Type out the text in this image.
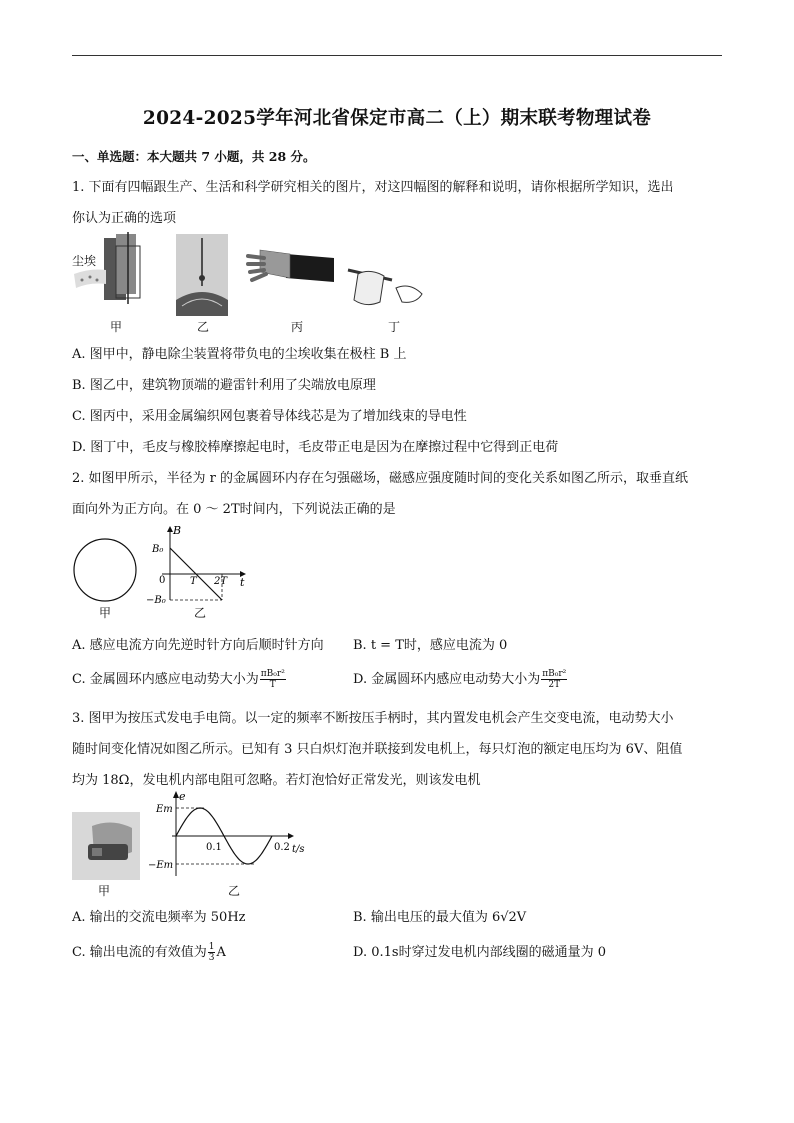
2024-2025学年河北省保定市高二（上）期末联考物理试卷
一、单选题：本大题共 7 小题，共 28 分。
1. 下面有四幅跟生产、生活和科学研究相关的图片，对这四幅图的解释和说明，请你根据所学知识，选出
你认为正确的选项
尘埃
甲	乙	丙	丁
A. 图甲中，静电除尘装置将带负电的尘埃收集在极柱 B 上
B. 图乙中，建筑物顶端的避雷针利用了尖端放电原理
C. 图丙中，采用金属编织网包裹着导体线芯是为了增加线束的导电性
D. 图丁中，毛皮与橡胶棒摩擦起电时，毛皮带正电是因为在摩擦过程中它得到正电荷
2. 如图甲所示，半径为 r 的金属圆环内存在匀强磁场，磁感应强度随时间的变化关系如图乙所示，取垂直纸
面向外为正方向。在 0 ～ 2T时间内，下列说法正确的是
甲
B
B₀
0 T 2T t
−B₀
乙
A. 感应电流方向先逆时针方向后顺时针方向 B. t = T时，感应电流为 0
C. 金属圆环内感应电动势大小为 $\frac{\text{πB₀r²}}{T}$	D. 金属圆环内感应电动势大小为 $\frac{\text{πB₀r²}}{2T}$
3. 图甲为按压式发电手电筒。以一定的频率不断按压手柄时，其内置发电机会产生交变电流，电动势大小
随时间变化情况如图乙所示。已知有 3 只白炽灯泡并联接到发电机上，每只灯泡的额定电压均为 6V、阻值
均为 18Ω，发电机内部电阻可忽略。若灯泡恰好正常发光，则该发电机
甲
e
Em
0.1	0.2 t/s
−Em
乙
A. 输出的交流电频率为 50Hz	B. 输出电压的最大值为 6√2V
C. 输出电流的有效值为 $\frac{1}{3}$ A	D. 0.1s时穿过发电机内部线圈的磁通量为 0
